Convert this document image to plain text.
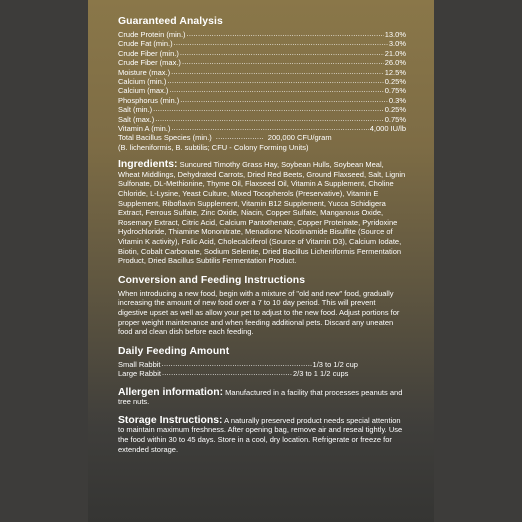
Guaranteed Analysis
Crude Protein (min.) .....	13.0%
Crude Fat (min.) .....	3.0%
Crude Fiber (min.) .....	21.0%
Crude Fiber (max.) .....	26.0%
Moisture (max.) .....	12.5%
Calcium (min.) .....	0.25%
Calcium (max.) .....	0.75%
Phosphorus (min.) .....	0.3%
Salt (min.) .....	0.25%
Salt (max.) .....	0.75%
Vitamin A (min.) .....	4,000 IU/lb
Total Bacillus Species (min.) .....	200,000 CFU/gram
(B. licheniformis, B. subtilis; CFU - Colony Forming Units)

Ingredients: Suncured Timothy Grass Hay, Soybean Hulls, Soybean Meal, Wheat Middlings, Dehydrated Carrots, Dried Red Beets, Ground Flaxseed, Salt, Lignin Sulfonate, DL-Methionine, Thyme Oil, Flaxseed Oil, Vitamin A Supplement, Choline Chloride, L-Lysine, Yeast Culture, Mixed Tocopherols (Preservative), Vitamin E Supplement, Riboflavin Supplement, Vitamin B12 Supplement, Yucca Schidigera Extract, Ferrous Sulfate, Zinc Oxide, Niacin, Copper Sulfate, Manganous Oxide, Rosemary Extract, Citric Acid, Calcium Pantothenate, Copper Proteinate, Pyridoxine Hydrochloride, Thiamine Mononitrate, Menadione Nicotinamide Bisulfite (Source of Vitamin K activity), Folic Acid, Cholecalciferol (Source of Vitamin D3), Calcium Iodate, Biotin, Cobalt Carbonate, Sodium Selenite, Dried Bacillus Licheniformis Fermentation Product, Dried Bacillus Subtilis Fermentation Product.

Conversion and Feeding Instructions

When introducing a new food, begin with a mixture of "old and new" food, gradually increasing the amount of new food over a 7 to 10 day period. This will prevent digestive upset as well as allow your pet to adjust to the new food. Adjust portions for proper weight maintenance and when feeding additional pets. Discard any uneaten food and clean dish before each feeding.

Daily Feeding Amount
Small Rabbit .....	1/3 to 1/2 cup
Large Rabbit .....	2/3 to 1 1/2 cups

Allergen information: Manufactured in a facility that processes peanuts and tree nuts.

Storage Instructions: A naturally preserved product needs special attention to maintain maximum freshness. After opening bag, remove air and reseal tightly. Use the food within 30 to 45 days. Store in a cool, dry location. Refrigerate or freeze for extended storage.
